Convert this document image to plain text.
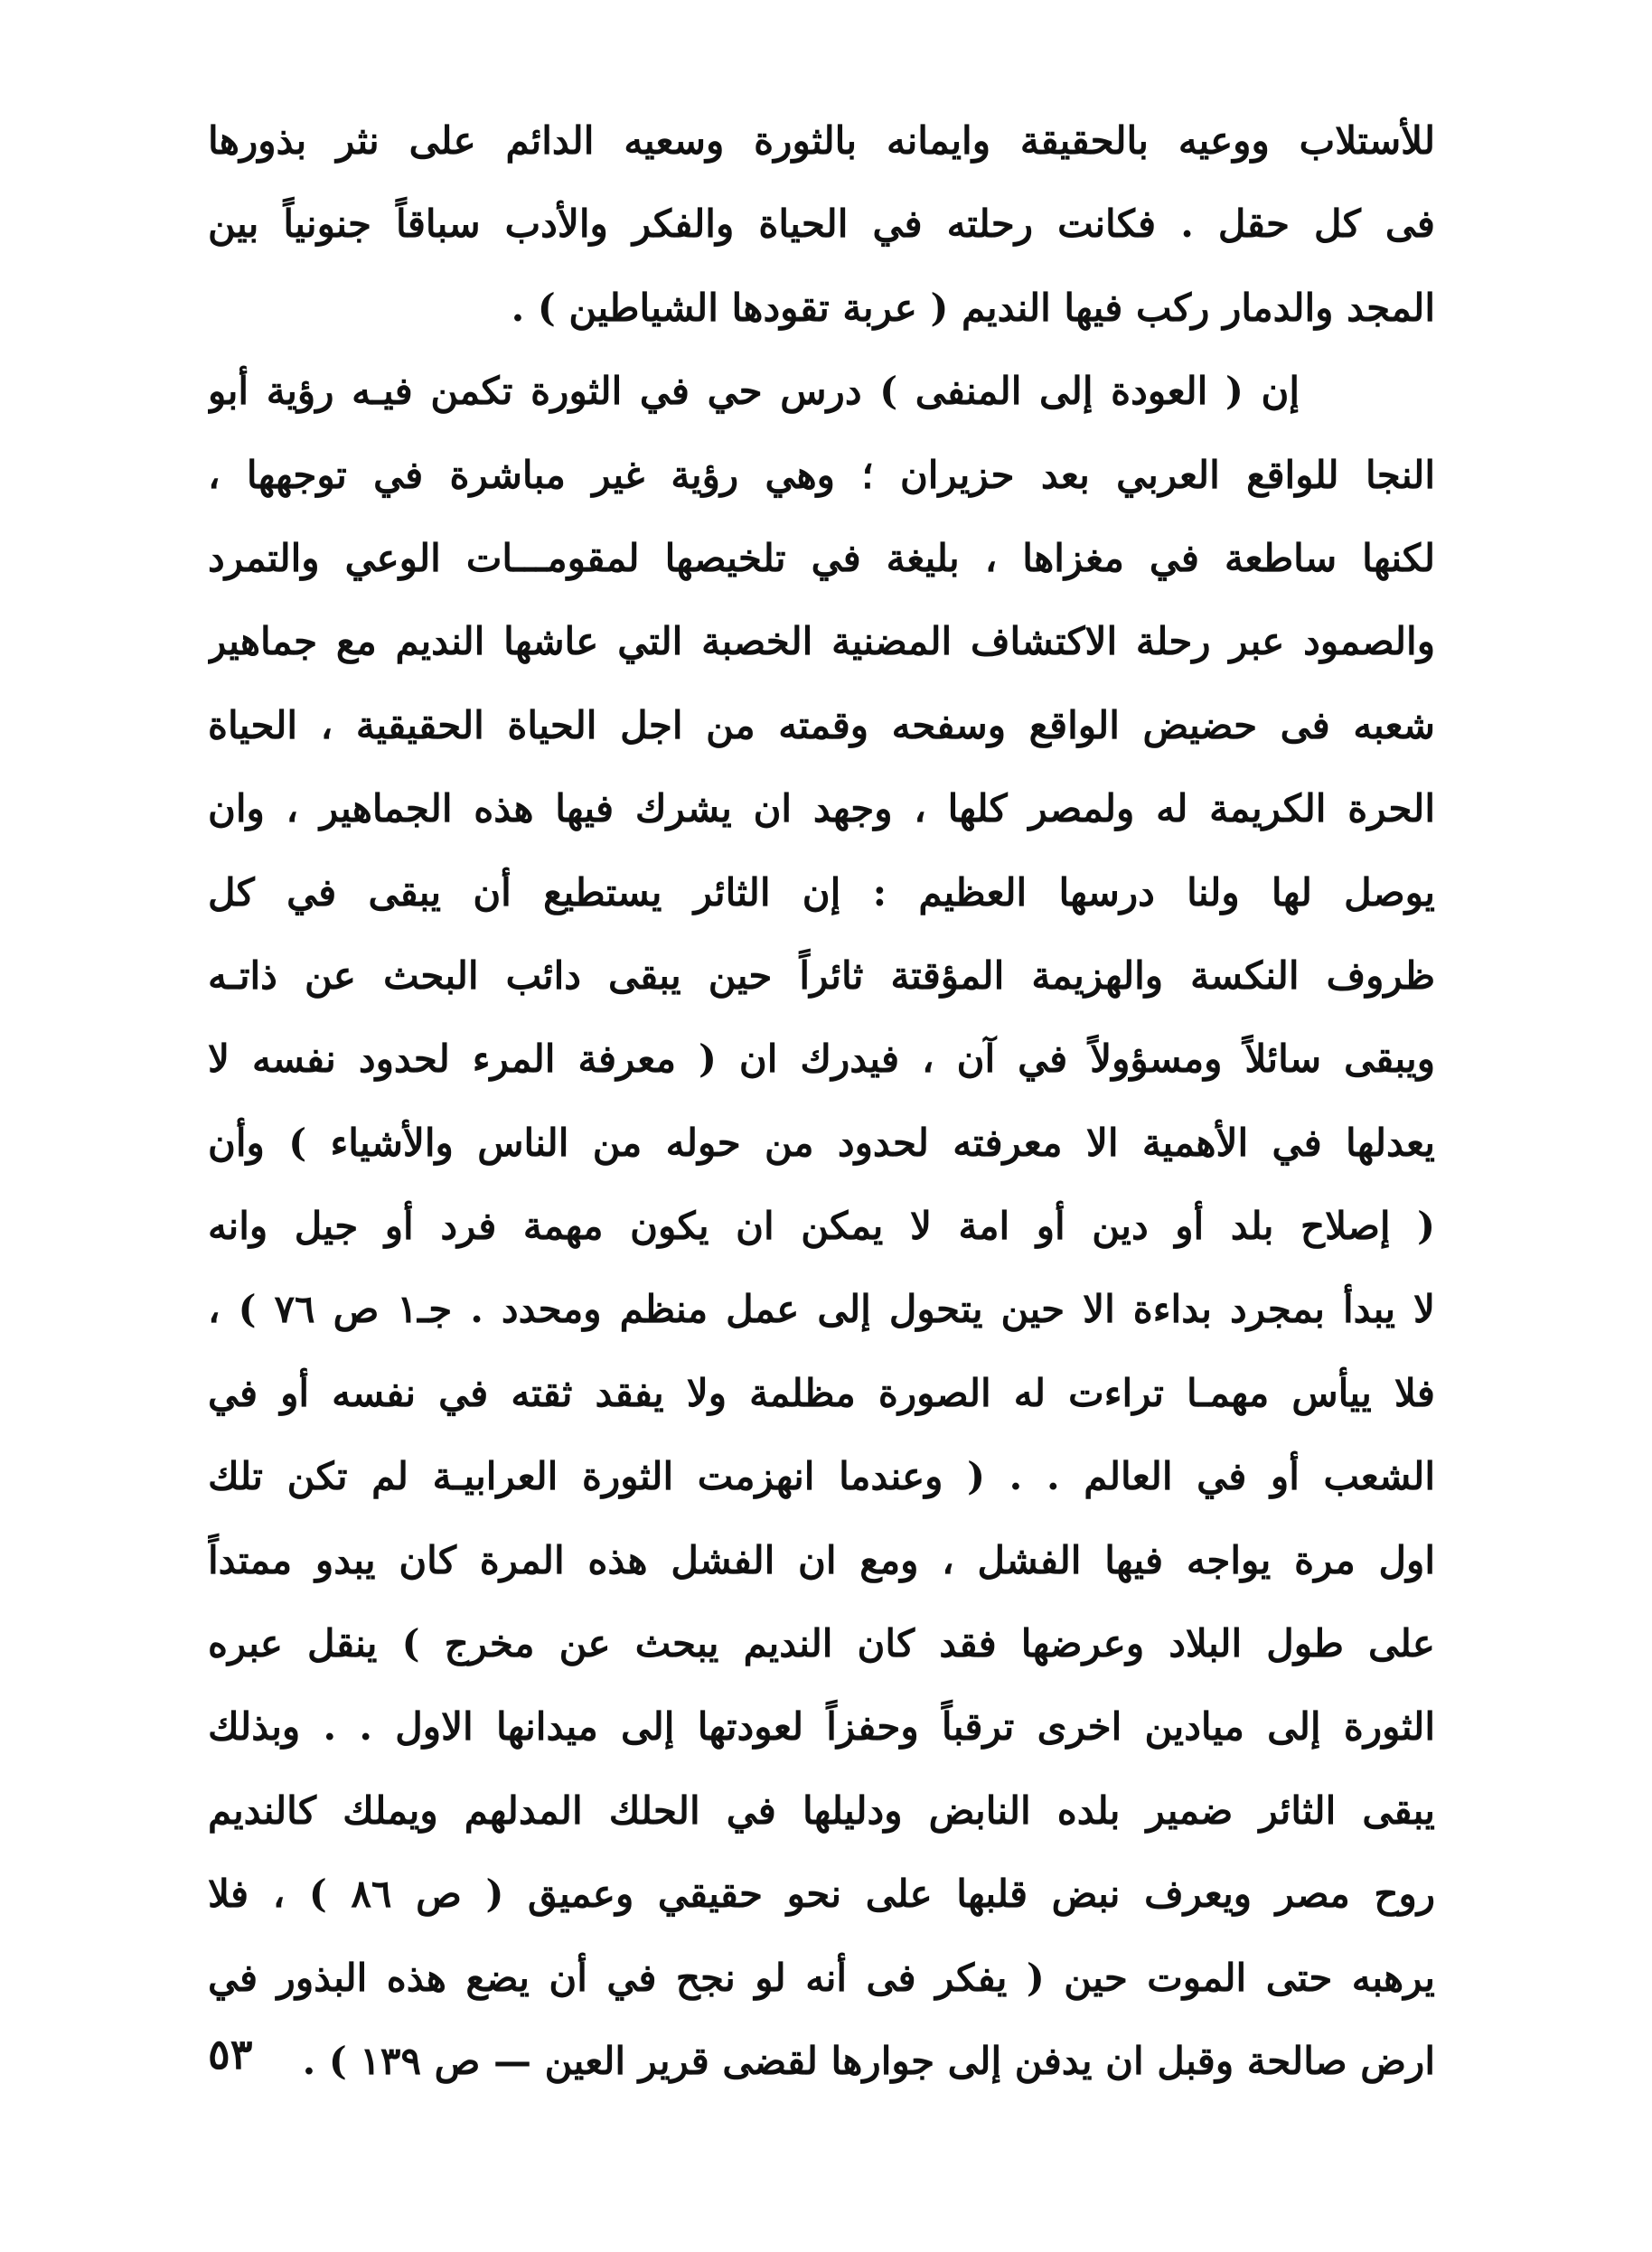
للأستلاب ووعيه بالحقيقة وايمانه بالثورة وسعيه الدائم على نثر بذورها
فى كل حقل . فكانت رحلته في الحياة والفكر والأدب سباقاً جنونياً بين
المجد والدمار ركب فيها النديم ( عربة تقودها الشياطين ) .
إن ( العودة إلى المنفى ) درس حي في الثورة تكمن فيـه رؤية أبو
النجا للواقع العربي بعد حزيران ؛ وهي رؤية غير مباشرة في توجهها ،
لكنها ساطعة في مغزاها ، بليغة في تلخيصها لمقومـــات الوعي والتمرد
والصمود عبر رحلة الاكتشاف المضنية الخصبة التي عاشها النديم مع جماهير
شعبه فى حضيض الواقع وسفحه وقمته من اجل الحياة الحقيقية ، الحياة
الحرة الكريمة له ولمصر كلها ، وجهد ان يشرك فيها هذه الجماهير ، وان
يوصل لها ولنا درسها العظيم : إن الثائر يستطيع أن يبقى في كل
ظروف النكسة والهزيمة المؤقتة ثائراً حين يبقى دائب البحث عن ذاتـه
ويبقى سائلاً ومسؤولاً في آن ، فيدرك ان ( معرفة المرء لحدود نفسه لا
يعدلها في الأهمية الا معرفته لحدود من حوله من الناس والأشياء ) وأن
( إصلاح بلد أو دين أو امة لا يمكن ان يكون مهمة فرد أو جيل وانه
لا يبدأ بمجرد بداءة الا حين يتحول إلى عمل منظم ومحدد . جـ١ ص ٧٦ ) ،
فلا ييأس مهمـا تراءت له الصورة مظلمة ولا يفقد ثقته في نفسه أو في
الشعب أو في العالم . . ( وعندما انهزمت الثورة العرابيـة لم تكن تلك
اول مرة يواجه فيها الفشل ، ومع ان الفشل هذه المرة كان يبدو ممتداً
على طول البلاد وعرضها فقد كان النديم يبحث عن مخرج ) ينقل عبره
الثورة إلى ميادين اخرى ترقباً وحفزاً لعودتها إلى ميدانها الاول . . وبذلك
يبقى الثائر ضمير بلده النابض ودليلها في الحلك المدلهم ويملك كالنديم
روح مصر ويعرف نبض قلبها على نحو حقيقي وعميق ( ص ٨٦ ) ، فلا
يرهبه حتى الموت حين ( يفكر فى أنه لو نجح في أن يضع هذه البذور في
ارض صالحة وقبل ان يدفن إلى جوارها لقضى قرير العين — ص ١٣٩ ) .
٥٣
